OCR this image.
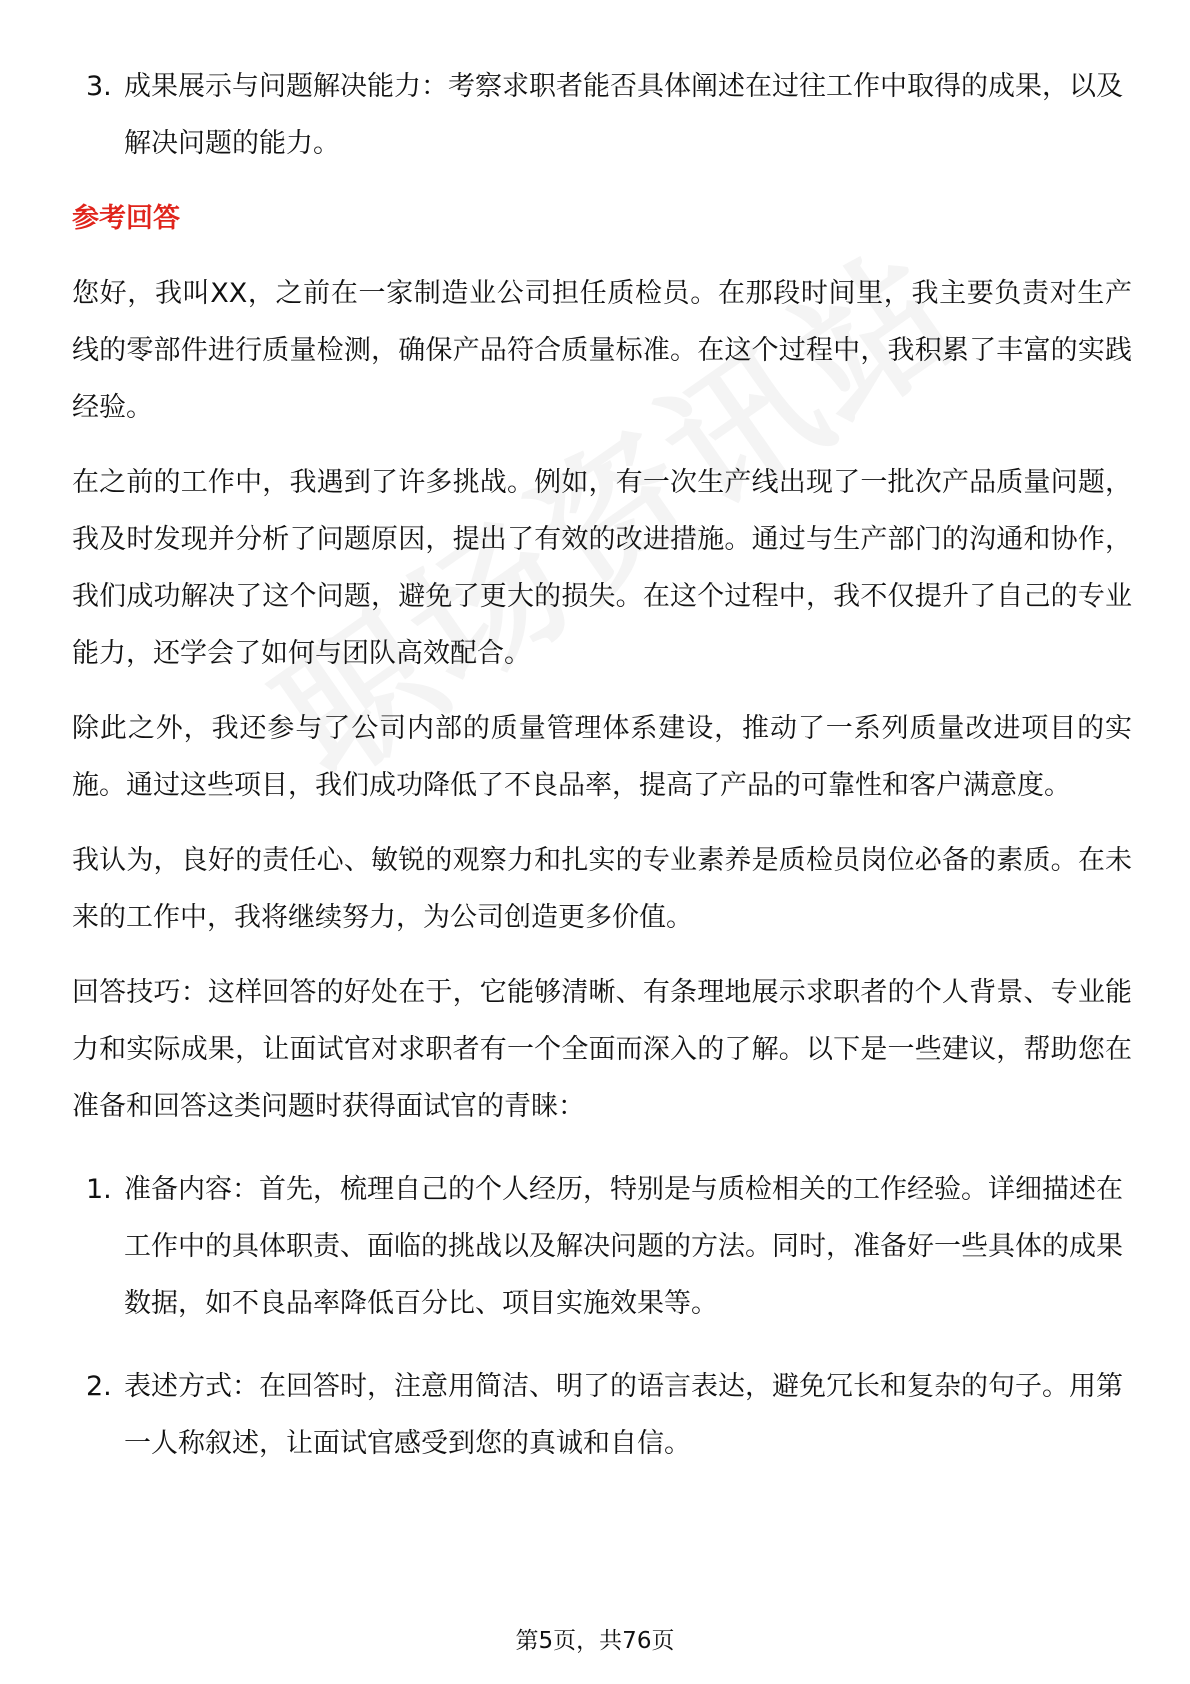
3. 成果展示与问题解决能力：考察求职者能否具体阐述在过往工作中取得的成果，以及解决问题的能力。
参考回答

您好，我叫XX，之前在一家制造业公司担任质检员。在那段时间里，我主要负责对生产线的零部件进行质量检测，确保产品符合质量标准。在这个过程中，我积累了丰富的实践经验。

在之前的工作中，我遇到了许多挑战。例如，有一次生产线出现了一批次产品质量问题，我及时发现并分析了问题原因，提出了有效的改进措施。通过与生产部门的沟通和协作，我们成功解决了这个问题，避免了更大的损失。在这个过程中，我不仅提升了自己的专业能力，还学会了如何与团队高效配合。

除此之外，我还参与了公司内部的质量管理体系建设，推动了一系列质量改进项目的实施。通过这些项目，我们成功降低了不良品率，提高了产品的可靠性和客户满意度。

我认为，良好的责任心、敏锐的观察力和扎实的专业素养是质检员岗位必备的素质。在未来的工作中，我将继续努力，为公司创造更多价值。

回答技巧：这样回答的好处在于，它能够清晰、有条理地展示求职者的个人背景、专业能力和实际成果，让面试官对求职者有一个全面而深入的了解。以下是一些建议，帮助您在准备和回答这类问题时获得面试官的青睐：

1. 准备内容：首先，梳理自己的个人经历，特别是与质检相关的工作经验。详细描述在工作中的具体职责、面临的挑战以及解决问题的方法。同时，准备好一些具体的成果数据，如不良品率降低百分比、项目实施效果等。
2. 表述方式：在回答时，注意用简洁、明了的语言表达，避免冗长和复杂的句子。用第一人称叙述，让面试官感受到您的真诚和自信。
第5页，共76页
